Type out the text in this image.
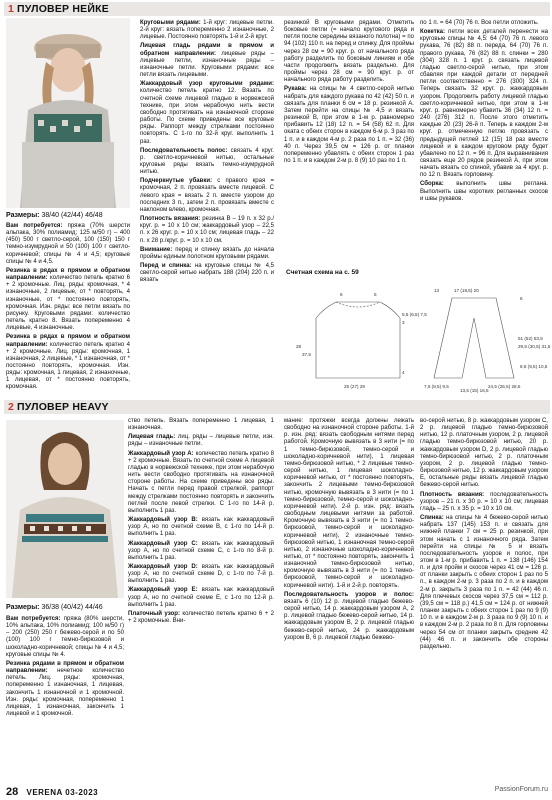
1 ПУЛОВЕР НЕЙКЕ
Размеры: 38/40 (42/44) 46/48

Вам потребуется: пряжа (70% шерсти альпака, 30% полиамид; 125 м/50 г) – 400 (450) 500 г светло-серой, 100 (150) 150 г темно-изумрудной и 50 (100) 100 г светло-коричневой; спицы № 4 и 4,5; круговые спицы № 4 и 4,5.

Резинка в рядах в прямом и обратном направлении: количество петель кратно 6 + 2 кромочные. Лиц. ряды: кромочная, * 4 изнаночные, 2 лицевые, от * повторять, 4 изнаночные, от * постоянно повторять, кромочная. Изн. ряды: все петли вязать по рисунку. Круговыми рядами: количество петель кратно 8. Вязать попеременно 4 лицевые, 4 изнаночные.

Резинка в рядах в прямом и обратном направлении: количество петель кратно 4 + 2 кромочные. Лиц. ряды: кромочная, 1 изнаночная, 2 лицевые, * 1 изнаночная, от * постоянно повторять, кромочная. Изн. ряды: кромочная, 1 лицевая, 2 изнаночные, 1 лицевая, от * постоянно повторять, кромочная.

Круговыми рядами: 1-й круг: лицевые петли. 2-й круг: вязать попеременно 2 изнаночные, 2 лицевые. Постоянно повторять 1-й и 2-й круг.

Лицевая гладь рядами в прямом и обратном направлении: лицевые ряды – лицевые петли, изнаночные ряды – изнаночные петли. Круговыми рядами: все петли вязать лицевыми.

Жаккардовый узор круговыми рядами: количество петель кратно 12. Вязать по счетной схеме лицевой гладью в норвежской технике, при этом нерабочую нить вести свободно протягивать на изнаночной стороне работы. По схеме приведены все круговые ряды. Раппорт между стрелками постоянно повторять. С 1-го по 32-й круг. выполнить 1 раз.

Последовательность полос: связать 4 круг. р. светло-коричневой нитью, остальные круговые ряды вязать темно-изумрудной нитью.

Подчеркнутые убавки: с правого края = кромочная, 2 п. провязать вместе лицевой. С левого края = вязать 2 п. вместе узором до последних 3 п., затем 2 п. провязать вместе с наклоном влево, кромочная.

Плотность вязания: резинка В – 19 п. х 32 р./круг. р. = 10 х 10 см; жаккардовый узор – 22,5 п. х 26 круг. р. = 10 х 10 см; лицевая гладь – 22 п. х 28 р./круг. р. = 10 х 10 см.

Внимание: перед и спинку вязать до начала проймы единым полотном круговыми рядами.

Перед и спинка: на круговые спицы № 4,5 светло-серой нитью набрать 188 (204) 220 п. и вязать

резинкой В круговыми рядами. Отметить боковые петли (= начало кругового ряда и петля после середины вязаного полотна) = по 94 (102) 110 п. на перед и спинку. Для проймы через 28 см = 90 круг. р. от начального ряда работу разделить по боковым линиям и обе части продолжить вязать раздельно. Для проймы через 28 см = 90 круг. р. от начального ряда работу разделить.

Рукава: на спицы № 4 светло-серой нитью набрать для каждого рукава по 42 (42) 50 п. и связать для планки 6 см = 18 р. резинкой А. Затем перейти на спицы № 4,5 и вязать резинкой В, при этом в 1-м р. равномерно прибавить 12 (18) 12 п. = 54 (58) 62 п. Для оката с обеих сторон в каждом 6-м р. 3 раз по 1 п. и в каждом 4-м р. 2 раза по 1 п. = 32 (36) 40 п. Через 39,5 см = 126 р. от планки попеременно убавлять с обеих сторон 1 раз по 1 п. и в каждом 2-м р. 8 (9) 10 раз по 1 п.

по 1 п. = 64 (70) 76 п. Все петли отложить.

Кокетка: петли всех деталей перенести на круговые спицы № 4,5: 64 (70) 76 п. левого рукава, 76 (82) 88 п. переда, 64 (70) 76 п. правого рукава, 76 (82) 88 п. спинки = 280 (304) 328 п. 1 круг. р. связать лицевой гладью светло-серой нитью, при этом сбавляя при каждой детали от передней петли соответственно = 276 (300) 324 п. Теперь связать 32 круг. р. жаккардовым узором. Продолжить работу лицевой гладью светло-коричневой нитью, при этом в 1-м круг. р. равномерно убавить 36 (34) 12 п. = 240 (276) 312 п. После этого отметить каждые 20 (23) 26-й п. Теперь в каждом 2-м круг. р. отмеченную петлю провязать с предыдущей петлей 12 (15) 18 раз вместе лицевой и в каждом круговом ряду будет убавлено по 12 п. = 96 п. Для выравнивания связать еще 20 рядов резинкой A, при этом начать вязать со спиной, убавив за 4 круг. р. по 12 п. Вязать горловину.

Сборка: выполнить швы реглана. Выполнить швы коротких регланных скосов и швы рукавов.

Счетная схема на с. 59
6	5
17 (18,5) 20
6
13
25 (27) 29	7,5 (8,5) 9,5
13,5 (15) 16,5
24,5 (26,5) 28,5
5,5 (6,5) 7,5
3
28
37,5
51 (52) 53,5
29,5 (30,5) 31,5
4
8,5 (9,5) 10,5
2 ПУЛОВЕР HEAVY
Размеры: 36/38 (40/42) 44/46

Вам потребуется: пряжа (80% шерсти, 10% альпака, 10% полиамид; 100 м/50 г) – 200 (250) 250 г бежево-серой и по 50 (100) 100 г темно-бирюзовой и шоколадно-коричневой; спицы № 4 и 4,5; круговые спицы № 4.

Резинка рядами в прямом и обратном направлении: нечетное количество петель. Лиц. ряды: кромочная, попеременно 1 изнаночная, 1 лицевая, закончить 1 изнаночной и 1 кромочной. Изн. ряды: кромочная, попеременно 1 лицевая, 1 изнаночная, закончить 1 лицевой и 1 кромочной.

ство петель. Вязать попеременно 1 лицевая, 1 изнаночная.

Лицевая гладь: лиц. ряды – лицевые петли, изн. ряды – изнаночные петли.

Жаккардовый узор А: количество петель кратно 8 + 2 кромочные. Вязать по счетной схеме А лицевой гладью в норвежской технике, при этом нерабочую нить вести свободно протягивать на изнаночной стороне работы. На схеме приведены все ряды. Начать с петли перед правой стрелкой, раппорт между стрелками постоянно повторять и закончить петлей после левой стрелки. С 1-го по 14-й р. выполнить 1 раз.

Жаккардовый узор В: вязать как жаккардовый узор А, но по счетной схеме В, с 1-го по 14-й р. выполнить 1 раз.

Жаккардовый узор С: вязать как жаккардовый узор А, но по счетной схеме С, с 1-го по 8-й р. выполнить 1 раз.

Жаккардовый узор D: вязать как жаккардовый узор А, но по счетной схеме D, с 1-го по 7-й р. выполнить 1 раз.

Жаккардовый узор Е: вязать как жаккардовый узор А, но по счетной схеме Е, с 1-го по 12-й р. выполнить 1 раз.

Платочный узор: количество петель кратно 6 + 2 + 2 кромочные. Вни-

мание: протяжки всегда должны лежать свободно на изнаночной стороне работы. 1-й р. изн. ряд: вязать свободным нитями перед работой. Кромочную вывязать в 3 нити (= по 1 темно-бирюзовой, темно-серой и шоколадно-коричневой нити), 1 лицевая темно-бирюзовой нитью, * 2 лицевые темно-серой нитью, 1 лицевая шоколадно-коричневой нитью, от * постоянно повторять, закончить 2 лицевыми темно-бирюзовой нитью, кромочную вывязать в 3 нити (= по 1 темно-бирюзовой, темно-серой и шоколадно-коричневой нити). 2-й р. изн. ряд: вязать свободным лицевыми нитями за работой. Кромочную вывязать в 3 нити (= по 1 темно-бирюзовой, темно-серой и шоколадно-коричневой нити), 2 изнаночные темно-бирюзовой нитью, 1 изнаночная темно-серой нитью, 2 изнаночные шоколадно-коричневой нитью, от * постоянно повторять, закончить 1 изнаночной темно-бирюзовой нитью, кромочную вывязать в 3 нити (= по 1 темно-бирюзовой, темно-серой и шоколадно-коричневой нити). 1-й и 2-й р. повторять.

Последовательность узоров и полос: вязать 6 (10) 12 р. лицевой гладью бежево-серой нитью, 14 р. жаккардовым узором А, 2 р. лицевой гладью бежево-серой нитью, 14 р. жаккардовым узором В, 2 р. лицевой гладью бежево-серой нитью, 24 р. жаккардовым узором В, 6 р. лицевой гладью бежево-

во-серой нитью, 8 р. жаккардовым узором С, 2 р. лицевой гладью темно-бирюзовой нитью, 12 р. платочным узором, 2 р. лицевой гладью темно-бирюзовой нитью, 20 р. жаккардовым узором D, 2 р. лицевой гладью темно-бирюзовой нитью, 2 р. платочным узором, 2 р. лицевой гладью темно-бирюзовой нитью, 12 р. жаккардовым узором Е, остальные ряды вязать лицевой гладью бежево-серой нитью.

Плотность вязания: последовательность узоров – 21 п. х 30 р. = 10 х 10 см; лицевая гладь – 25 п. х 35 р. = 10 х 10 см.

Спинка: на спицы № 4 бежево-серой нитью набрать 137 (145) 153 п. и связать для нижней планки 7 см = 25 р. резинкой, при этом начать с 1 изнаночного ряда. Затем перейти на спицы № 5 и вязать последовательность узоров и полос, при этом в 1-м р. прибавить 1 п. = 138 (146) 154 п. и для пройм и скосов через 41 см = 126 р. от планки закрыть с обеих сторон 1 раз по 5 п., в каждом 2-м р. 3 раза по 2 п. и в каждом 2-м р. закрыть 3 раза по 1 п. = 42 (44) 46 п. Для плечевых скосов через 37,5 см = 112 р. (39,5 см = 118 р.) 41,5 см = 124 р. от нижней планки закрыть с обеих сторон 1 раз по 9 (9) 10 п. и в каждом 2-м р. 3 раза по 9 (9) 10 п. и в каждом 2-м р. 2 раза по 8 п. Для горловины через 54 см от планки закрыть средние 42 (44) 46 п. и закончить обе стороны раздельно.

28 VERENA 03-2023	PassionForum.ru
